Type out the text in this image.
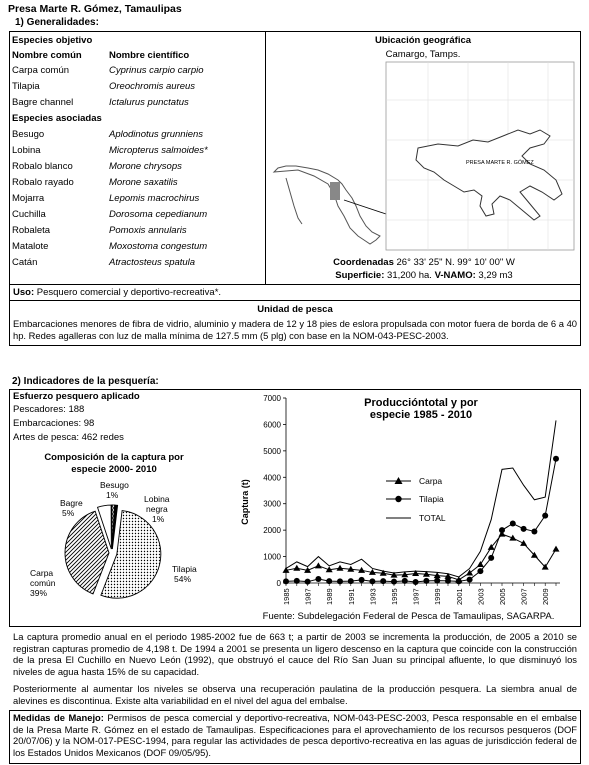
Presa Marte R. Gómez, Tamaulipas
1) Generalidades:
Especies objetivo
Nombre común	Nombre científico
Carpa común	Cyprinus carpio carpio
Tilapia	Oreochromis aureus
Bagre channel	Ictalurus punctatus
Especies asociadas
Besugo	Aplodinotus grunniens
Lobina	Micropterus salmoides*
Robalo blanco	Morone chrysops
Robalo rayado	Morone saxatilis
Mojarra	Lepomis macrochirus
Cuchilla	Dorosoma cepedianum
Robaleta	Pomoxis annularis
Matalote	Moxostoma congestum
Catán	Atractosteus spatula
Ubicación geográfica
Camargo, Tamps.
PRESA MARTE R. GÓMEZ
Coordenadas 26° 33' 25" N. 99° 10' 00" W
Superficie: 31,200 ha. V-NAMO: 3,29 m3
Uso: Pesquero comercial y deportivo-recreativa*.
Unidad de pesca
Embarcaciones menores de fibra de vidrio, aluminio y madera de 12 y 18 pies de eslora propulsada con motor fuera de borda de 6 a 40 hp. Redes agalleras con luz de malla mínima de 127.5 mm (5 plg) con base en la NOM-043-PESC-2003.
2) Indicadores de la pesquería:
Esfuerzo pesquero aplicado
Pescadores: 188
Embarcaciones: 98
Artes de pesca: 462 redes
Composición de la captura por
especie 2000- 2010
Besugo
1%
Bagre
5%
Lobina
negra
1%
Carpa
común
39%
Tilapia
54%
Produccióntotal y por
especie 1985 - 2010
Captura (t)
0
1000
2000
3000
4000
5000
6000
7000
1985 1987 1989 1991 1993 1995 1997 1999 2001 2003 2005 2007 2009
Carpa
Tilapia
TOTAL
Fuente: Subdelegación Federal de Pesca de Tamaulipas, SAGARPA.
La captura promedio anual en el periodo 1985-2002 fue de 663 t; a partir de 2003 se incrementa la producción, de 2005 a 2010 se registran capturas promedio de 4,198 t. De 1994 a 2001 se presenta un ligero descenso en la captura que coincide con la construcción de la presa El Cuchillo en Nuevo León (1992), que obstruyó el cauce del Río San Juan su principal afluente, lo que disminuyó los niveles de agua hasta 15% de su capacidad.
Posteriormente al aumentar los niveles se observa una recuperación paulatina de la producción pesquera. La siembra anual de alevines es discontinua. Existe alta variabilidad en el nivel del agua del embalse.
Medidas de Manejo: Permisos de pesca comercial y deportivo-recreativa, NOM-043-PESC-2003, Pesca responsable en el embalse de la Presa Marte R. Gómez en el estado de Tamaulipas. Especificaciones para el aprovechamiento de los recursos pesqueros (DOF 20/07/06) y la NOM-017-PESC-1994, para regular las actividades de pesca deportivo-recreativa en las aguas de jurisdicción federal de los Estados Unidos Mexicanos (DOF 09/05/95).
